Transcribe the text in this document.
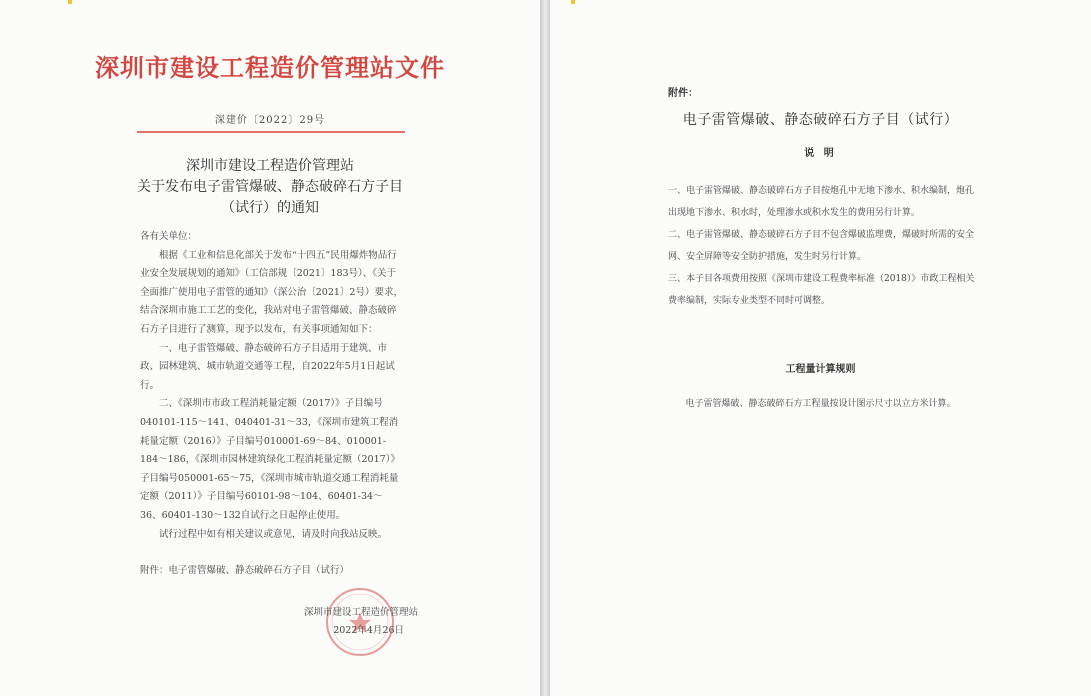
深圳市建设工程造价管理站文件
深建价〔2022〕29号
深圳市建设工程造价管理站
关于发布电子雷管爆破、静态破碎石方子目
（试行）的通知

各有关单位：

根据《工业和信息化部关于发布“十四五”民用爆炸物品行业安全发展规划的通知》（工信部规〔2021〕183号）、《关于全面推广使用电子雷管的通知》（深公治〔2021〕2号）要求，结合深圳市施工工艺的变化，我站对电子雷管爆破、静态破碎石方子目进行了测算，现予以发布，有关事项通知如下：

一、电子雷管爆破、静态破碎石方子目适用于建筑、市政、园林建筑、城市轨道交通等工程，自2022年5月1日起试行。

二、《深圳市市政工程消耗量定额（2017）》子目编号040101-115～141、040401-31～33，《深圳市建筑工程消耗量定额（2016）》子目编号010001-69～84、010001-184～186，《深圳市园林建筑绿化工程消耗量定额（2017）》子目编号050001-65～75，《深圳市城市轨道交通工程消耗量定额（2011）》子目编号60101-98～104、60401-34～36、60401-130～132自试行之日起停止使用。

试行过程中如有相关建议或意见，请及时向我站反映。

附件：电子雷管爆破、静态破碎石方子目（试行）

深圳市建设工程造价管理站
2022年4月26日
附件：
电子雷管爆破、静态破碎石方子目（试行）
说 明

一、电子雷管爆破、静态破碎石方子目按炮孔中无地下渗水、积水编制，炮孔出现地下渗水、积水时，处理渗水或积水发生的费用另行计算。

二、电子雷管爆破、静态破碎石方子目不包含爆破监理费，爆破时所需的安全网、安全屏障等安全防护措施，发生时另行计算。

三、本子目各项费用按照《深圳市建设工程费率标准（2018）》市政工程相关费率编制，实际专业类型不同时可调整。

工程量计算规则
电子雷管爆破、静态破碎石方工程量按设计图示尺寸以立方米计算。
